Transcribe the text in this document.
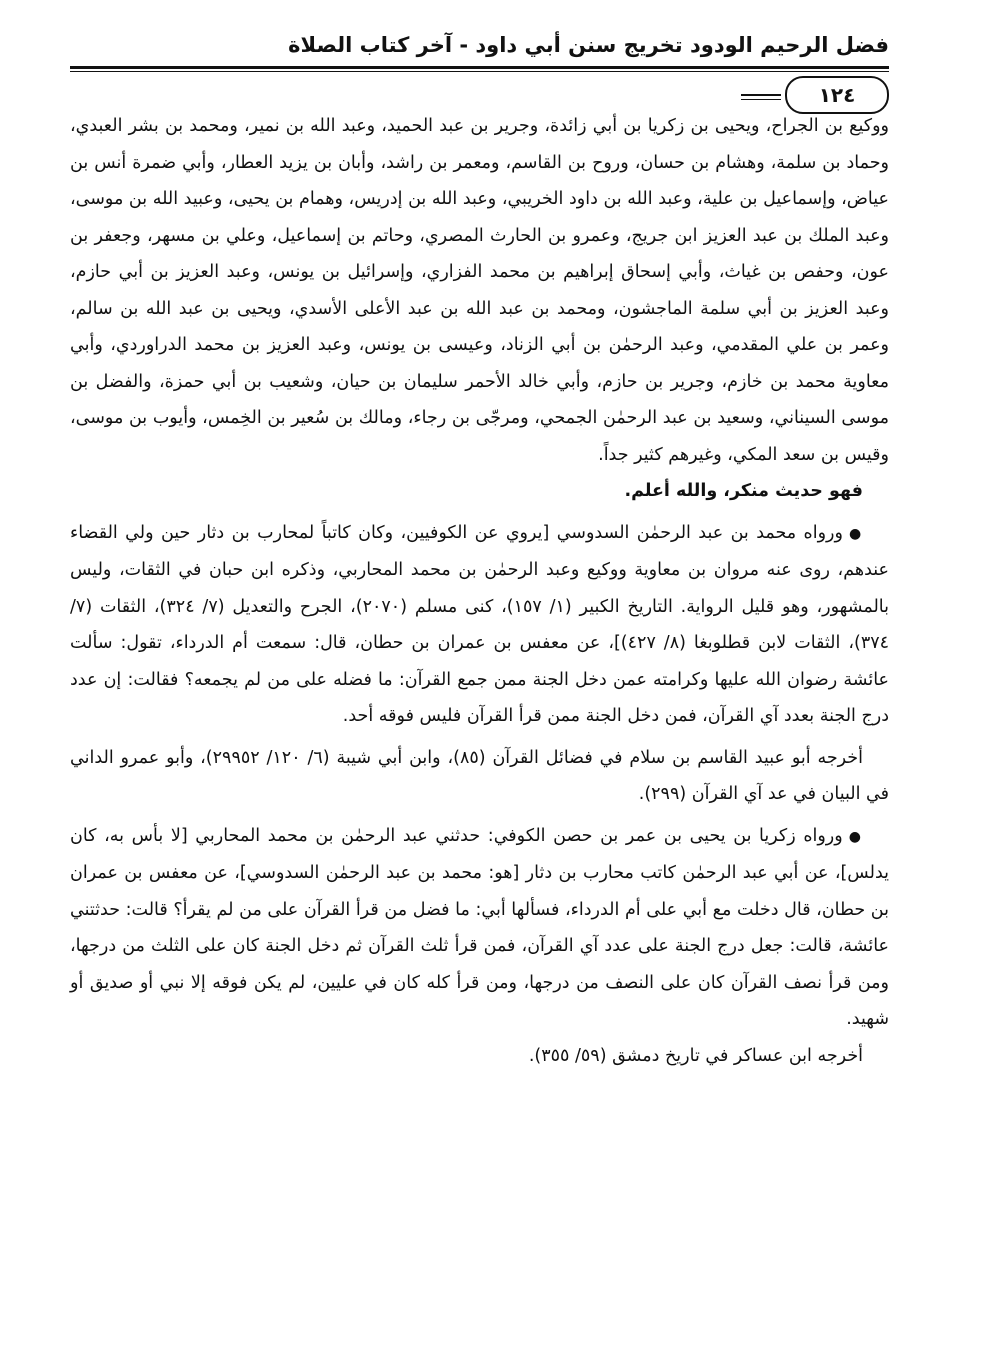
فضل الرحيم الودود تخريج سنن أبي داود - آخر كتاب الصلاة
١٢٤

ووكيع بن الجراح، ويحيى بن زكريا بن أبي زائدة، وجرير بن عبد الحميد، وعبد الله بن نمير، ومحمد بن بشر العبدي، وحماد بن سلمة، وهشام بن حسان، وروح بن القاسم، ومعمر بن راشد، وأبان بن يزيد العطار، وأبي ضمرة أنس بن عياض، وإسماعيل بن علية، وعبد الله بن داود الخريبي، وعبد الله بن إدريس، وهمام بن يحيى، وعبيد الله بن موسى، وعبد الملك بن عبد العزيز ابن جريج، وعمرو بن الحارث المصري، وحاتم بن إسماعيل، وعلي بن مسهر، وجعفر بن عون، وحفص بن غياث، وأبي إسحاق إبراهيم بن محمد الفزاري، وإسرائيل بن يونس، وعبد العزيز بن أبي حازم، وعبد العزيز بن أبي سلمة الماجشون، ومحمد بن عبد الله بن عبد الأعلى الأسدي، ويحيى بن عبد الله بن سالم، وعمر بن علي المقدمي، وعبد الرحمٰن بن أبي الزناد، وعيسى بن يونس، وعبد العزيز بن محمد الدراوردي، وأبي معاوية محمد بن خازم، وجرير بن حازم، وأبي خالد الأحمر سليمان بن حيان، وشعيب بن أبي حمزة، والفضل بن موسى السيناني، وسعيد بن عبد الرحمٰن الجمحي، ومرجّى بن رجاء، ومالك بن سُعير بن الخِمس، وأيوب بن موسى، وقيس بن سعد المكي، وغيرهم كثير جداً.

فهو حديث منكر، والله أعلم.

●ورواه محمد بن عبد الرحمٰن السدوسي [يروي عن الكوفيين، وكان كاتباً لمحارب بن دثار حين ولي القضاء عندهم، روى عنه مروان بن معاوية ووكيع وعبد الرحمٰن بن محمد المحاربي، وذكره ابن حبان في الثقات، وليس بالمشهور، وهو قليل الرواية. التاريخ الكبير (١/ ١٥٧)، كنى مسلم (٢٠٧٠)، الجرح والتعديل (٧/ ٣٢٤)، الثقات (٧/ ٣٧٤)، الثقات لابن قطلوبغا (٨/ ٤٢٧)]، عن معفس بن عمران بن حطان، قال: سمعت أم الدرداء، تقول: سألت عائشة رضوان الله عليها وكرامته عمن دخل الجنة ممن جمع القرآن: ما فضله على من لم يجمعه؟ فقالت: إن عدد درج الجنة بعدد آي القرآن، فمن دخل الجنة ممن قرأ القرآن فليس فوقه أحد.

أخرجه أبو عبيد القاسم بن سلام في فضائل القرآن (٨٥)، وابن أبي شيبة (٦/ ١٢٠/ ٢٩٩٥٢)، وأبو عمرو الداني في البيان في عد آي القرآن (٢٩٩).

●ورواه زكريا بن يحيى بن عمر بن حصن الكوفي: حدثني عبد الرحمٰن بن محمد المحاربي [لا بأس به، كان يدلس]، عن أبي عبد الرحمٰن كاتب محارب بن دثار [هو: محمد بن عبد الرحمٰن السدوسي]، عن معفس بن عمران بن حطان، قال دخلت مع أبي على أم الدرداء، فسألها أبي: ما فضل من قرأ القرآن على من لم يقرأ؟ قالت: حدثتني عائشة، قالت: جعل درج الجنة على عدد آي القرآن، فمن قرأ ثلث القرآن ثم دخل الجنة كان على الثلث من درجها، ومن قرأ نصف القرآن كان على النصف من درجها، ومن قرأ كله كان في عليين، لم يكن فوقه إلا نبي أو صديق أو شهيد.

أخرجه ابن عساكر في تاريخ دمشق (٥٩/ ٣٥٥).
